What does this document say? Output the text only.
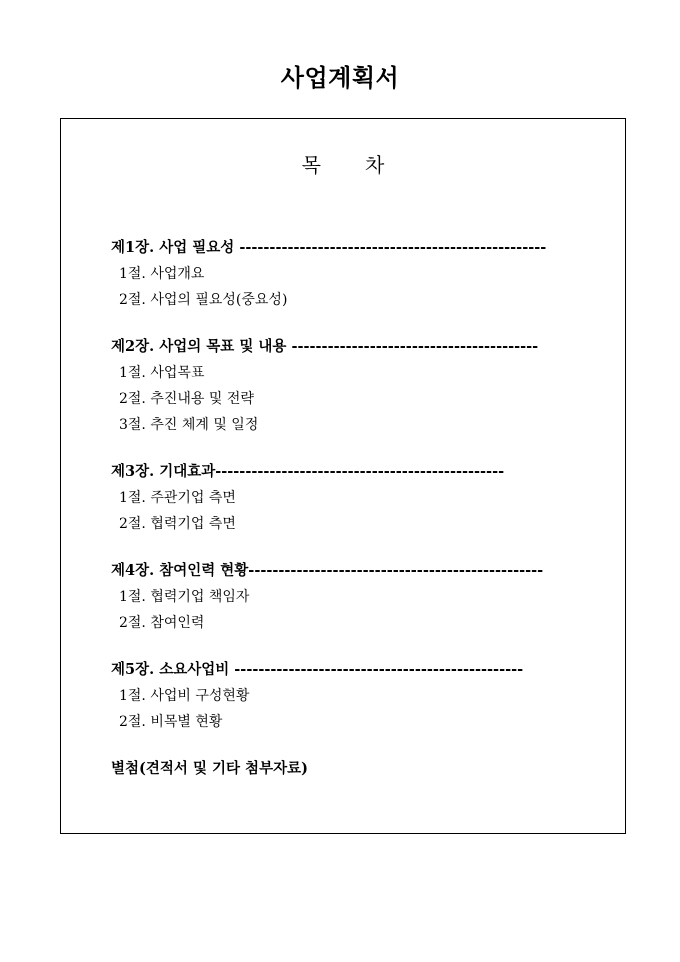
사업계획서
목차
제1장. 사업 필요성 ---------------------------------------------------
1절. 사업개요
2절. 사업의 필요성(중요성)
제2장. 사업의 목표 및 내용 -----------------------------------------
1절. 사업목표
2절. 추진내용 및 전략
3절. 추진 체계 및 일정
제3장. 기대효과------------------------------------------------
1절. 주관기업 측면
2절. 협력기업 측면
제4장. 참여인력 현황-------------------------------------------------
1절. 협력기업 책임자
2절. 참여인력
제5장. 소요사업비 ------------------------------------------------
1절. 사업비 구성현황
2절. 비목별 현황
별첨(견적서 및 기타 첨부자료)
